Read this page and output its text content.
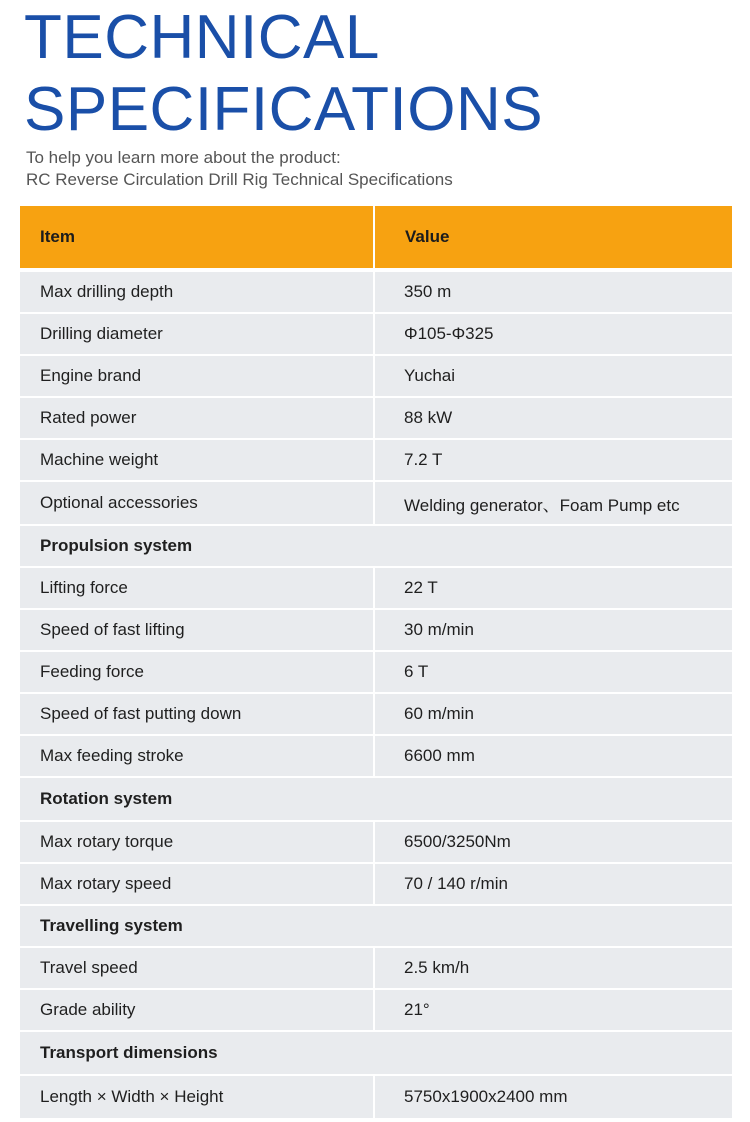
TECHNICAL
SPECIFICATIONS

To help you learn more about the product:
RC Reverse Circulation Drill Rig Technical Specifications

Item	Value
Max drilling depth	350 m
Drilling diameter	Φ105-Φ325
Engine brand	Yuchai
Rated power	88 kW
Machine weight	7.2 T
Optional accessories	Welding generator、Foam Pump etc
Propulsion system
Lifting force	22 T
Speed of fast lifting	30 m/min
Feeding force	6 T
Speed of fast putting down	60 m/min
Max feeding stroke	6600 mm
Rotation system
Max rotary torque	6500/3250Nm
Max rotary speed	70 / 140 r/min
Travelling system
Travel speed	2.5 km/h
Grade ability	21°
Transport dimensions
Length × Width × Height	5750x1900x2400 mm
